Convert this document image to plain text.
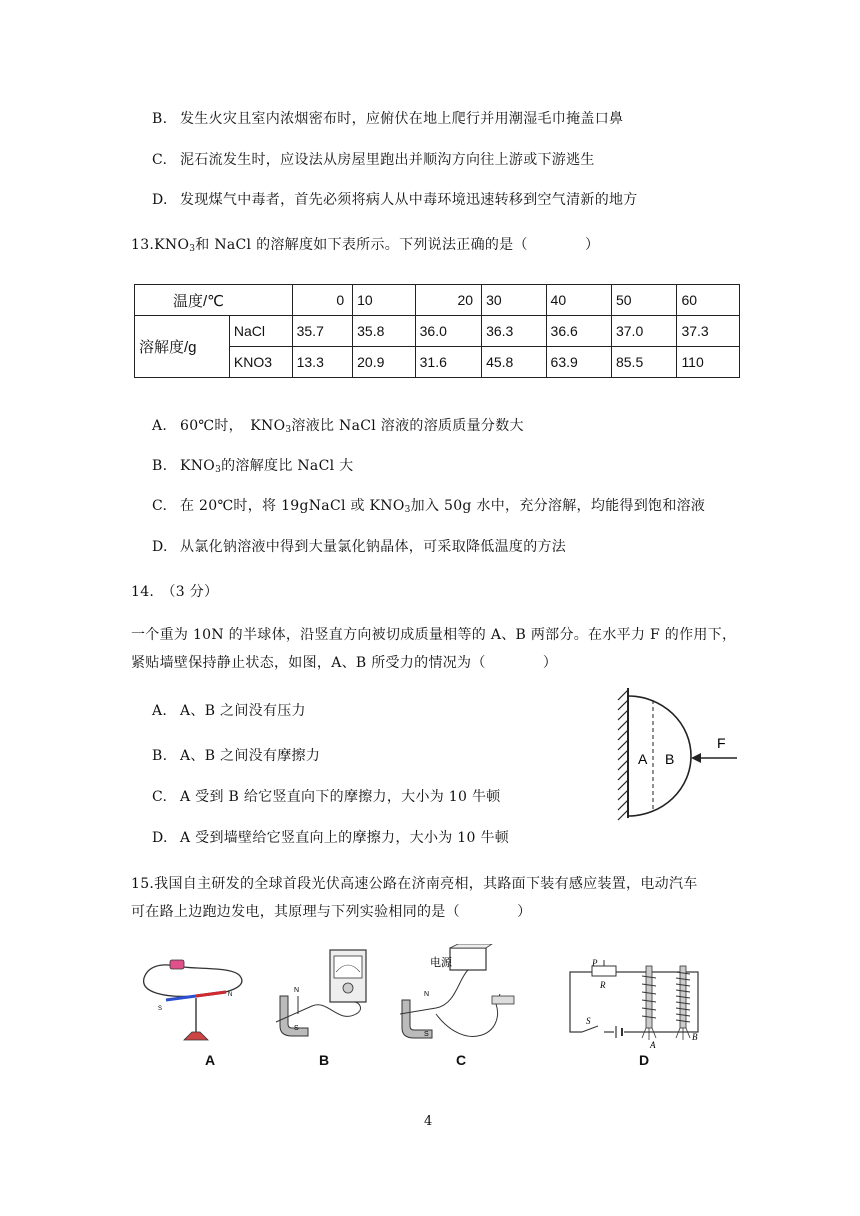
B. 发生火灾且室内浓烟密布时，应俯伏在地上爬行并用潮湿毛巾掩盖口鼻
C. 泥石流发生时，应设法从房屋里跑出并顺沟方向往上游或下游逃生
D. 发现煤气中毒者，首先必须将病人从中毒环境迅速转移到空气清新的地方
$13.KNO_3$和 NaCl 的溶解度如下表所示。下列说法正确的是（　　　　）
温度/℃		0	10	20	30	40	50	60
溶解度/g	NaCl	35.7	35.8	36.0	36.3	36.6	37.0	37.3
	KNO3	13.3	20.9	31.6	45.8	63.9	85.5	110
A. 60℃时，　$KNO_3$溶液比 NaCl 溶液的溶质质量分数大
B. $KNO_3$的溶解度比 NaCl 大
C. 在 20℃时，将 19gNaCl 或 $KNO_3$加入 50g 水中，充分溶解，均能得到饱和溶液
D. 从氯化钠溶液中得到大量氯化钠晶体，可采取降低温度的方法
14.　（3 分）
一个重为 10N 的半球体，沿竖直方向被切成质量相等的 A、B 两部分。在水平力 F 的作用下，
紧贴墙壁保持静止状态，如图，A、B 所受力的情况为（　　　　）
A. A、B 之间没有压力
B. A、B 之间没有摩擦力
C. A 受到 B 给它竖直向下的摩擦力，大小为 10 牛顿
D. A 受到墙壁给它竖直向上的摩擦力，大小为 10 牛顿
A B
F
15.我国自主研发的全球首段光伏高速公路在济南亮相，其路面下装有感应装置，电动汽车
可在路上边跑边发电，其原理与下列实验相同的是（　　　　）
S
N
N
S
电源
N
S
P
R
S
A
B
A	B	C	D
4
